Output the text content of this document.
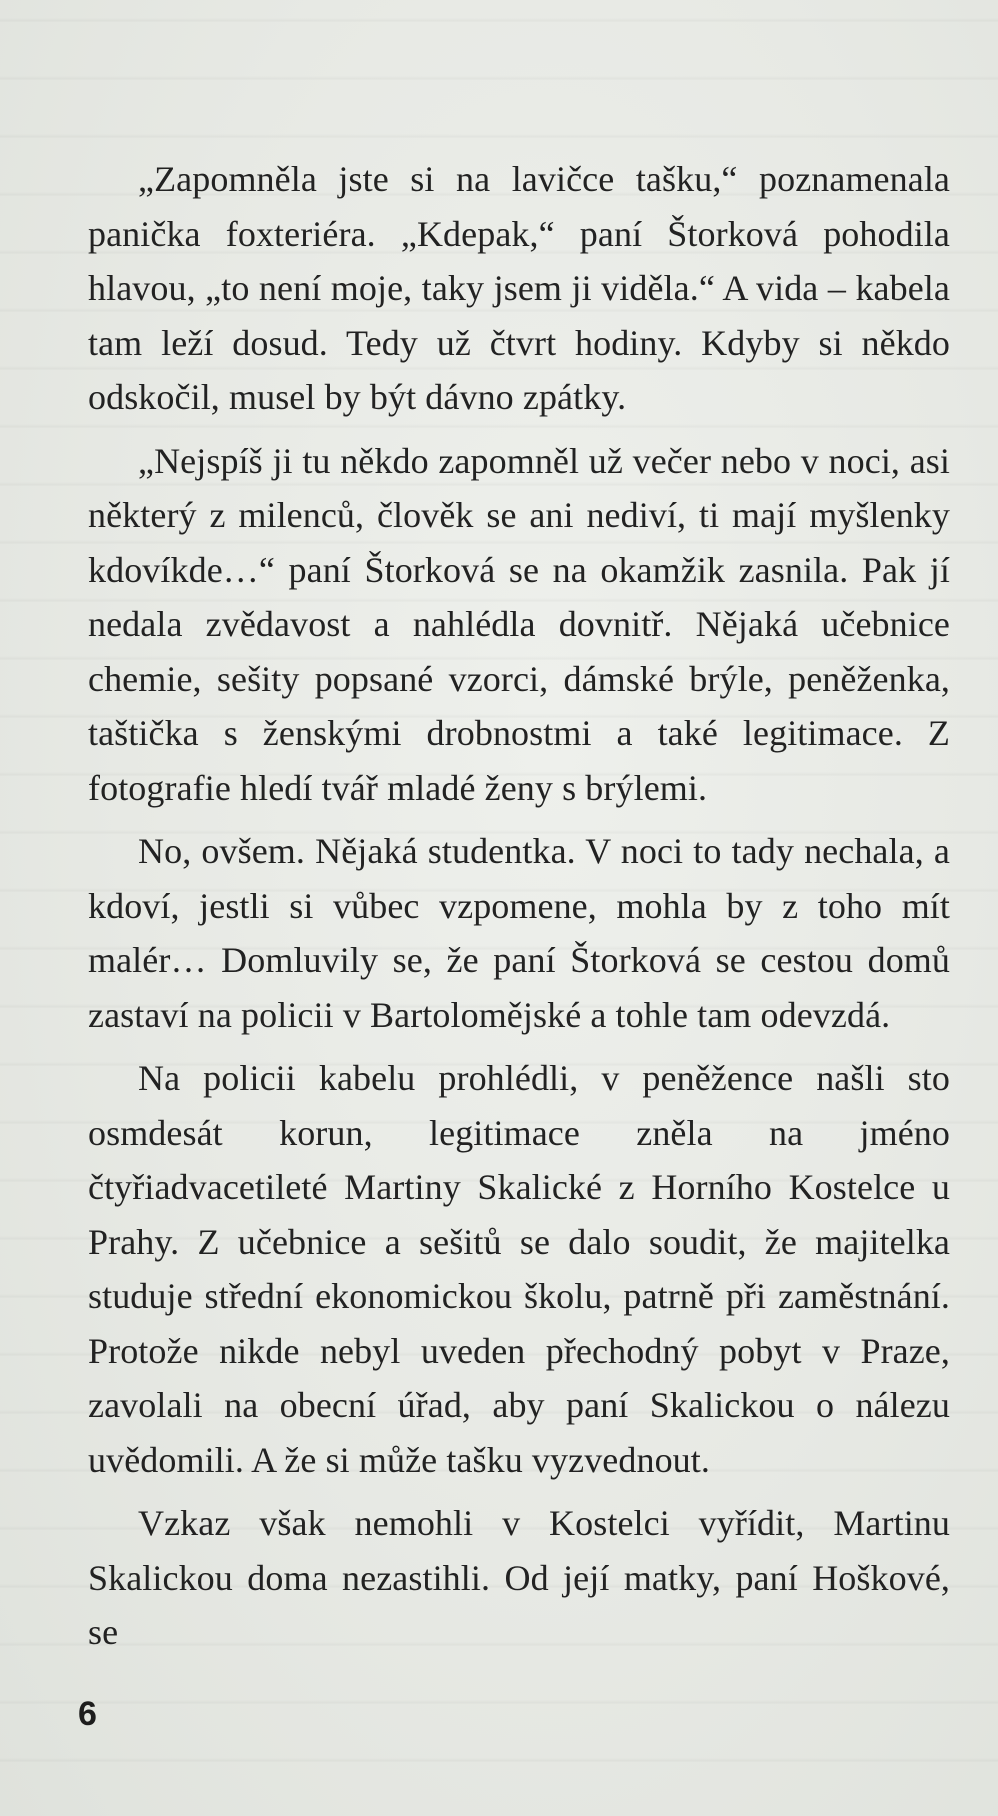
„Zapomněla jste si na lavičce tašku,“ poznamenala panička foxteriéra. „Kdepak,“ paní Štorková pohodila hlavou, „to není moje, taky jsem ji viděla.“ A vida – kabela tam leží dosud. Tedy už čtvrt hodiny. Kdyby si někdo odskočil, musel by být dávno zpátky.

„Nejspíš ji tu někdo zapomněl už večer nebo v noci, asi některý z milenců, člověk se ani nediví, ti mají myšlenky kdovíkde…“ paní Štorková se na okamžik zasnila. Pak jí nedala zvědavost a nahlédla dovnitř. Nějaká učebnice chemie, sešity popsané vzorci, dámské brýle, peněženka, taštička s ženskými drobnostmi a také legitimace. Z fotografie hledí tvář mladé ženy s brýlemi.

No, ovšem. Nějaká studentka. V noci to tady nechala, a kdoví, jestli si vůbec vzpomene, mohla by z toho mít malér… Domluvily se, že paní Štorková se cestou domů zastaví na policii v Bartolomějské a tohle tam odevzdá.

Na policii kabelu prohlédli, v peněžence našli sto osmdesát korun, legitimace zněla na jméno čtyřiadvacetileté Martiny Skalické z Horního Kostelce u Prahy. Z učebnice a sešitů se dalo soudit, že majitelka studuje střední ekonomickou školu, patrně při zaměstnání. Protože nikde nebyl uveden přechodný pobyt v Praze, zavolali na obecní úřad, aby paní Skalickou o nálezu uvědomili. A že si může tašku vyzvednout.

Vzkaz však nemohli v Kostelci vyřídit, Martinu Skalickou doma nezastihli. Od její matky, paní Hoškové, se

6
